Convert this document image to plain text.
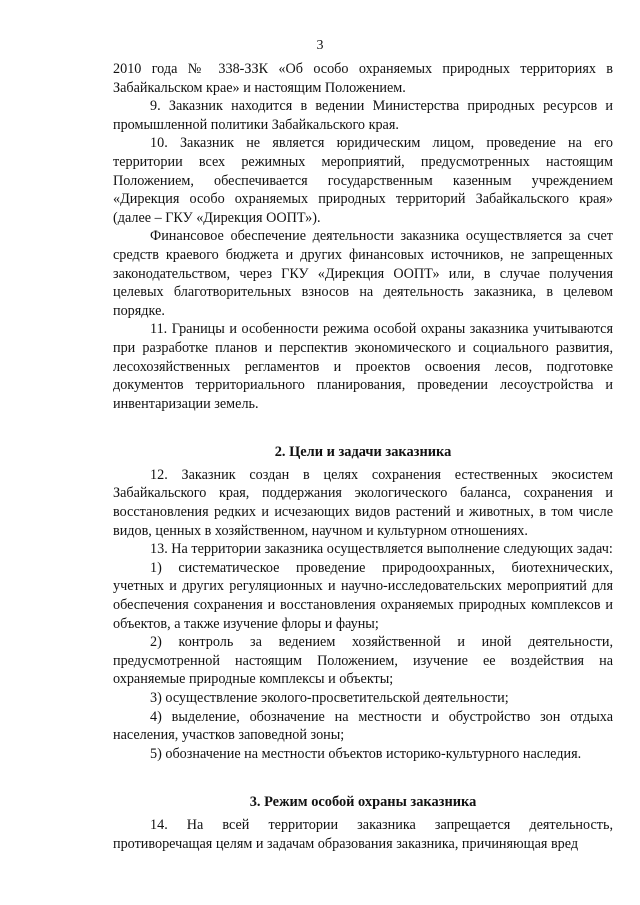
3

2010 года № 338-ЗЗК «Об особо охраняемых природных территориях в Забайкальском крае» и настоящим Положением.

9. Заказник находится в ведении Министерства природных ресурсов и промышленной политики Забайкальского края.

10. Заказник не является юридическим лицом, проведение на его территории всех режимных мероприятий, предусмотренных настоящим Положением, обеспечивается государственным казенным учреждением «Дирекция особо охраняемых природных территорий Забайкальского края» (далее – ГКУ «Дирекция ООПТ»).

Финансовое обеспечение деятельности заказника осуществляется за счет средств краевого бюджета и других финансовых источников, не запрещенных законодательством, через ГКУ «Дирекция ООПТ» или, в случае получения целевых благотворительных взносов на деятельность заказника, в целевом порядке.

11. Границы и особенности режима особой охраны заказника учитываются при разработке планов и перспектив экономического и социального развития, лесохозяйственных регламентов и проектов освоения лесов, подготовке документов территориального планирования, проведении лесоустройства и инвентаризации земель.

2. Цели и задачи заказника

12. Заказник создан в целях сохранения естественных экосистем Забайкальского края, поддержания экологического баланса, сохранения и восстановления редких и исчезающих видов растений и животных, в том числе видов, ценных в хозяйственном, научном и культурном отношениях.

13. На территории заказника осуществляется выполнение следующих задач:

1) систематическое проведение природоохранных, биотехнических, учетных и других регуляционных и научно-исследовательских мероприятий для обеспечения сохранения и восстановления охраняемых природных комплексов и объектов, а также изучение флоры и фауны;

2) контроль за ведением хозяйственной и иной деятельности, предусмотренной настоящим Положением, изучение ее воздействия на охраняемые природные комплексы и объекты;

3) осуществление эколого-просветительской деятельности;

4) выделение, обозначение на местности и обустройство зон отдыха населения, участков заповедной зоны;

5) обозначение на местности объектов историко-культурного наследия.

3. Режим особой охраны заказника

14. На всей территории заказника запрещается деятельность, противоречащая целям и задачам образования заказника, причиняющая вред
